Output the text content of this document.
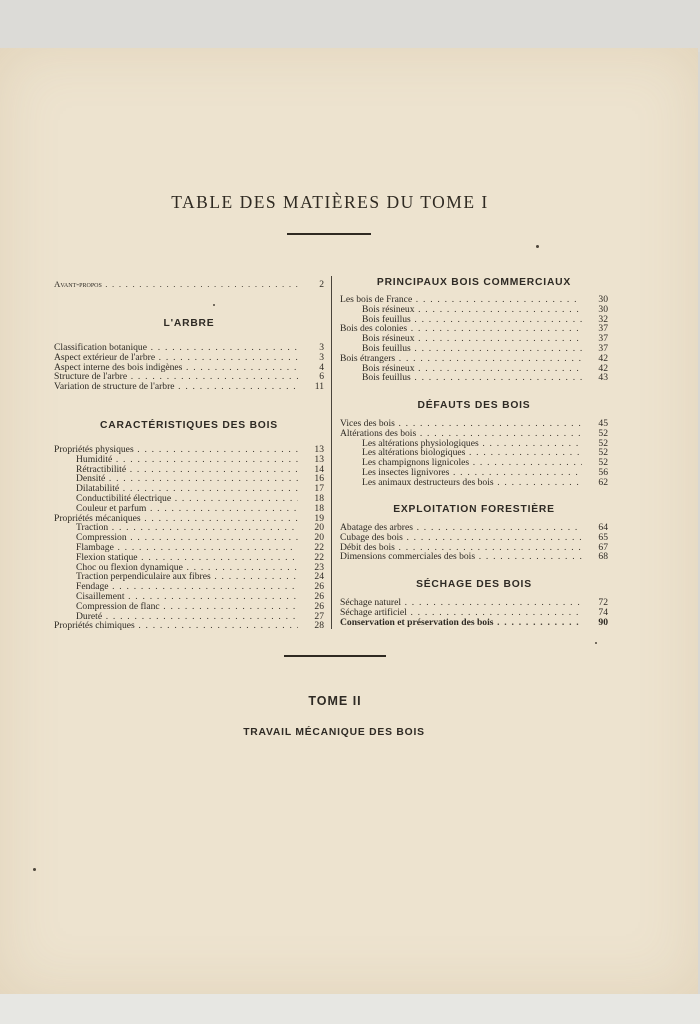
TABLE DES MATIÈRES DU TOME I
Avant-propos . . .	2
L'ARBRE
Classification botanique . . .	3
Aspect extérieur de l'arbre . . .	3
Aspect interne des bois indigènes . . .	4
Structure de l'arbre . . .	6
Variation de structure de l'arbre . . .	11
CARACTÉRISTIQUES DES BOIS
Propriétés physiques . . .	13
Humidité . . .	13
Rétractibilité . . .	14
Densité . . .	16
Dilatabilité . . .	17
Conductibilité électrique . . .	18
Couleur et parfum . . .	18
Propriétés mécaniques . . .	19
Traction . . .	20
Compression . . .	20
Flambage . . .	22
Flexion statique . . .	22
Choc ou flexion dynamique . . .	23
Traction perpendiculaire aux fibres . . .	24
Fendage . . .	26
Cisaillement . . .	26
Compression de flanc . . .	26
Dureté . . .	27
Propriétés chimiques . . .	28
PRINCIPAUX BOIS COMMERCIAUX
Les bois de France . . .	30
Bois résineux . . .	30
Bois feuillus . . .	32
Bois des colonies . . .	37
Bois résineux . . .	37
Bois feuillus . . .	37
Bois étrangers . . .	42
Bois résineux . . .	42
Bois feuillus . . .	43
DÉFAUTS DES BOIS
Vices des bois . . .	45
Altérations des bois . . .	52
Les altérations physiologiques . . .	52
Les altérations biologiques . . .	52
Les champignons lignicoles . . .	52
Les insectes lignivores . . .	56
Les animaux destructeurs des bois . . .	62
EXPLOITATION FORESTIÈRE
Abatage des arbres . . .	64
Cubage des bois . . .	65
Débit des bois . . .	67
Dimensions commerciales des bois . . .	68
SÉCHAGE DES BOIS
Séchage naturel . . .	72
Séchage artificiel . . .	74
Conservation et préservation des bois . . .	90
TOME II
TRAVAIL MÉCANIQUE DES BOIS
